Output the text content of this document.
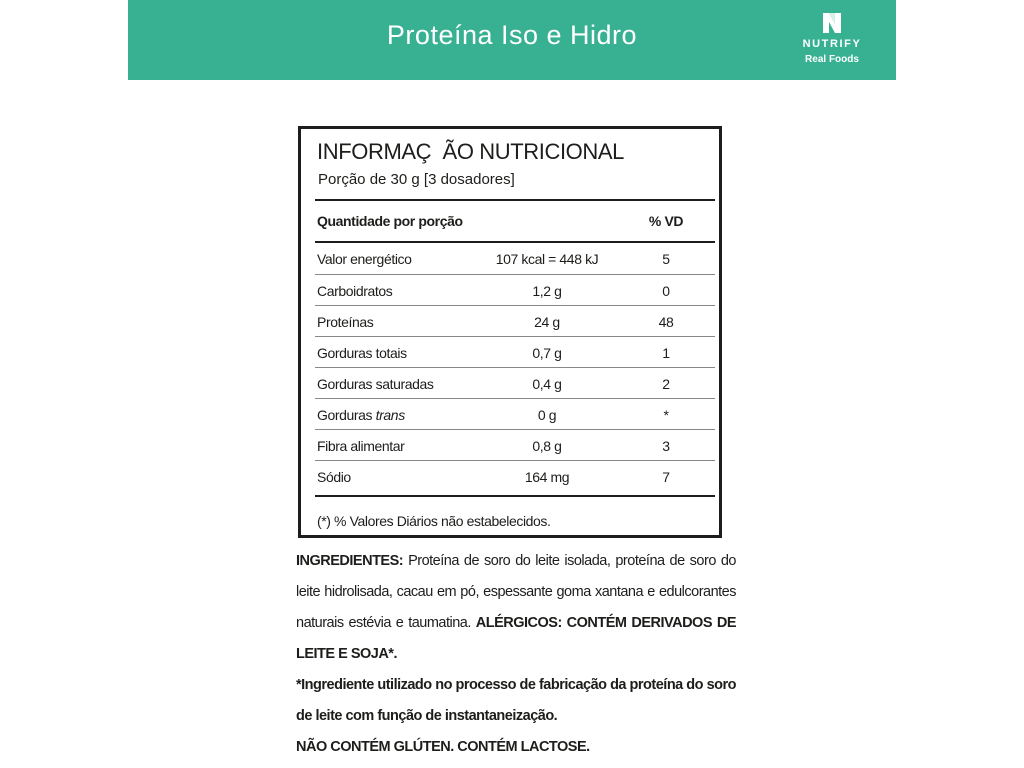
Proteína Iso e Hidro	NUTRIFY
Real Foods
INFORMAÇ  ÃO NUTRICIONAL
Porção de 30 g [3 dosadores]
Quantidade por porção	% VD
Valor energético	107 kcal = 448 kJ	5
Carboidratos	1,2 g	0
Proteínas	24 g	48
Gorduras totais	0,7 g	1
Gorduras saturadas	0,4 g	2
Gorduras trans	0 g	*
Fibra alimentar	0,8 g	3
Sódio	164 mg	7
(*) % Valores Diários não estabelecidos.
INGREDIENTES: Proteína de soro do leite isolada, proteína de soro do leite hidrolisada, cacau em pó, espessante goma xantana e edulcorantes naturais estévia e taumatina. ALÉRGICOS: CONTÉM DERIVADOS DE LEITE E SOJA*.
*Ingrediente utilizado no processo de fabricação da proteína do soro de leite com função de instantaneização.
NÃO CONTÉM GLÚTEN. CONTÉM LACTOSE.
